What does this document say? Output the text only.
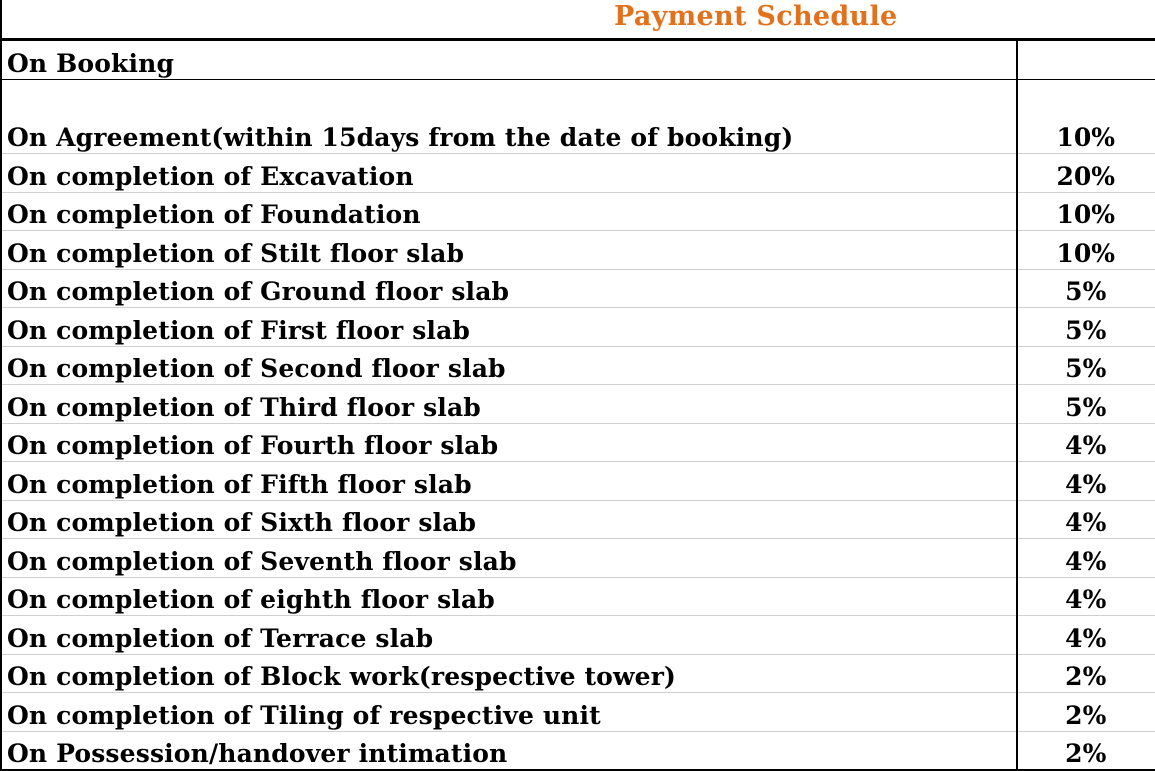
Payment Schedule
On Booking	
On Agreement(within 15days from the date of booking)	10%
On completion of Excavation	20%
On completion of Foundation	10%
On completion of Stilt floor slab	10%
On completion of Ground floor slab	5%
On completion of First floor slab	5%
On completion of Second floor slab	5%
On completion of Third floor slab	5%
On completion of Fourth floor slab	4%
On completion of Fifth floor slab	4%
On completion of Sixth floor slab	4%
On completion of Seventh floor slab	4%
On completion of eighth floor slab	4%
On completion of Terrace slab	4%
On completion of Block work(respective tower)	2%
On completion of Tiling of respective unit	2%
On Possession/handover intimation	2%
